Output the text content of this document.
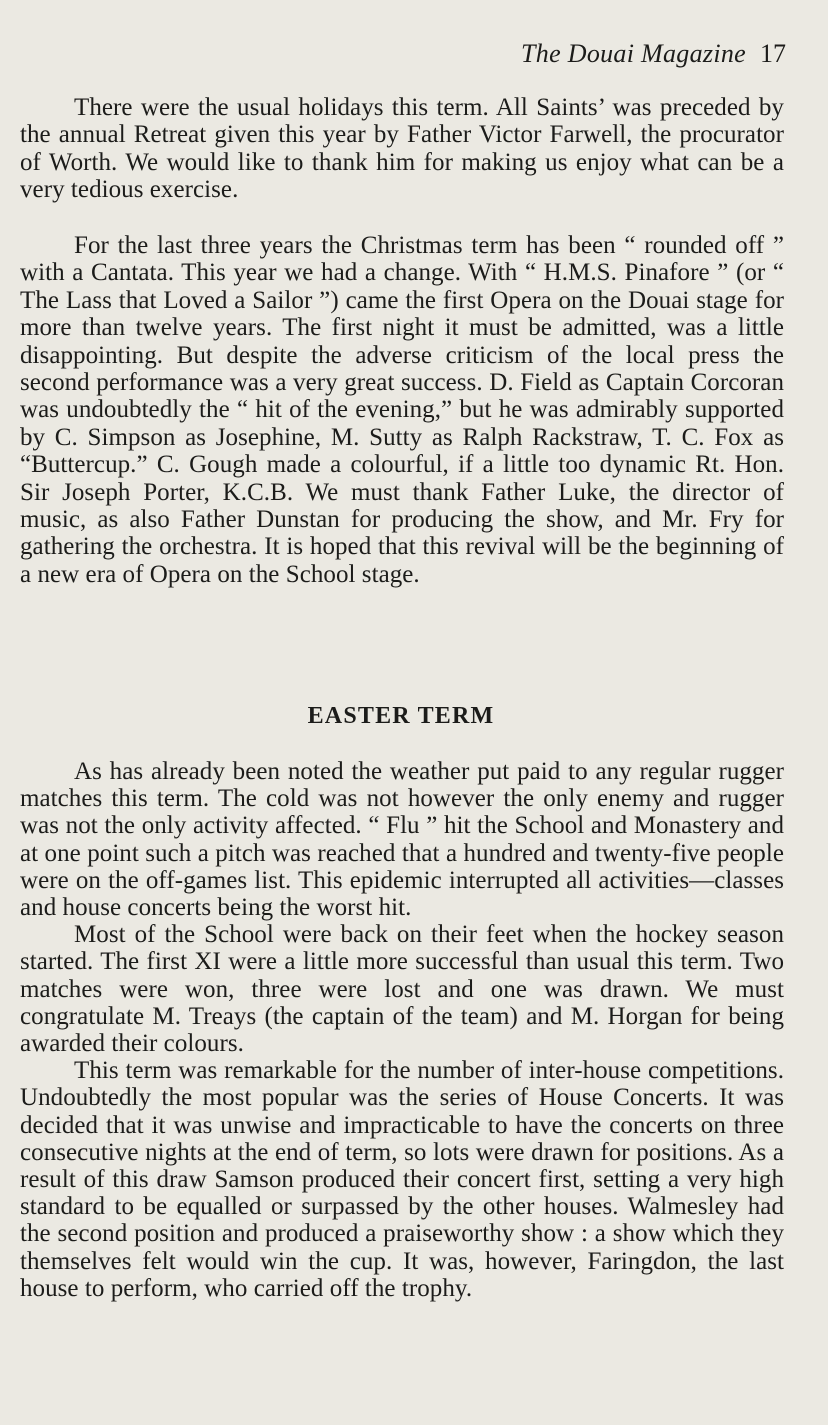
The Douai Magazine 17

There were the usual holidays this term. All Saints’ was preceded by the annual Retreat given this year by Father Victor Farwell, the procurator of Worth. We would like to thank him for making us enjoy what can be a very tedious exercise.

For the last three years the Christmas term has been “ rounded off ” with a Cantata. This year we had a change. With “ H.M.S. Pinafore ” (or “ The Lass that Loved a Sailor ”) came the first Opera on the Douai stage for more than twelve years. The first night it must be admitted, was a little disappointing. But despite the adverse criticism of the local press the second performance was a very great success. D. Field as Captain Corcoran was undoubtedly the “ hit of the evening,” but he was admirably supported by C. Simpson as Josephine, M. Sutty as Ralph Rackstraw, T. C. Fox as “Buttercup.” C. Gough made a colourful, if a little too dynamic Rt. Hon. Sir Joseph Porter, K.C.B. We must thank Father Luke, the director of music, as also Father Dunstan for producing the show, and Mr. Fry for gathering the orchestra. It is hoped that this revival will be the beginning of a new era of Opera on the School stage.

EASTER TERM

As has already been noted the weather put paid to any regular rugger matches this term. The cold was not however the only enemy and rugger was not the only activity affected. “ Flu ” hit the School and Monastery and at one point such a pitch was reached that a hundred and twenty-five people were on the off-games list. This epidemic interrupted all activities—classes and house concerts being the worst hit.

Most of the School were back on their feet when the hockey season started. The first XI were a little more successful than usual this term. Two matches were won, three were lost and one was drawn. We must congratulate M. Treays (the captain of the team) and M. Horgan for being awarded their colours.

This term was remarkable for the number of inter-house competitions. Undoubtedly the most popular was the series of House Concerts. It was decided that it was unwise and impracticable to have the concerts on three consecutive nights at the end of term, so lots were drawn for positions. As a result of this draw Samson produced their concert first, setting a very high standard to be equalled or surpassed by the other houses. Walmesley had the second position and produced a praiseworthy show : a show which they themselves felt would win the cup. It was, however, Faringdon, the last house to perform, who carried off the trophy.
